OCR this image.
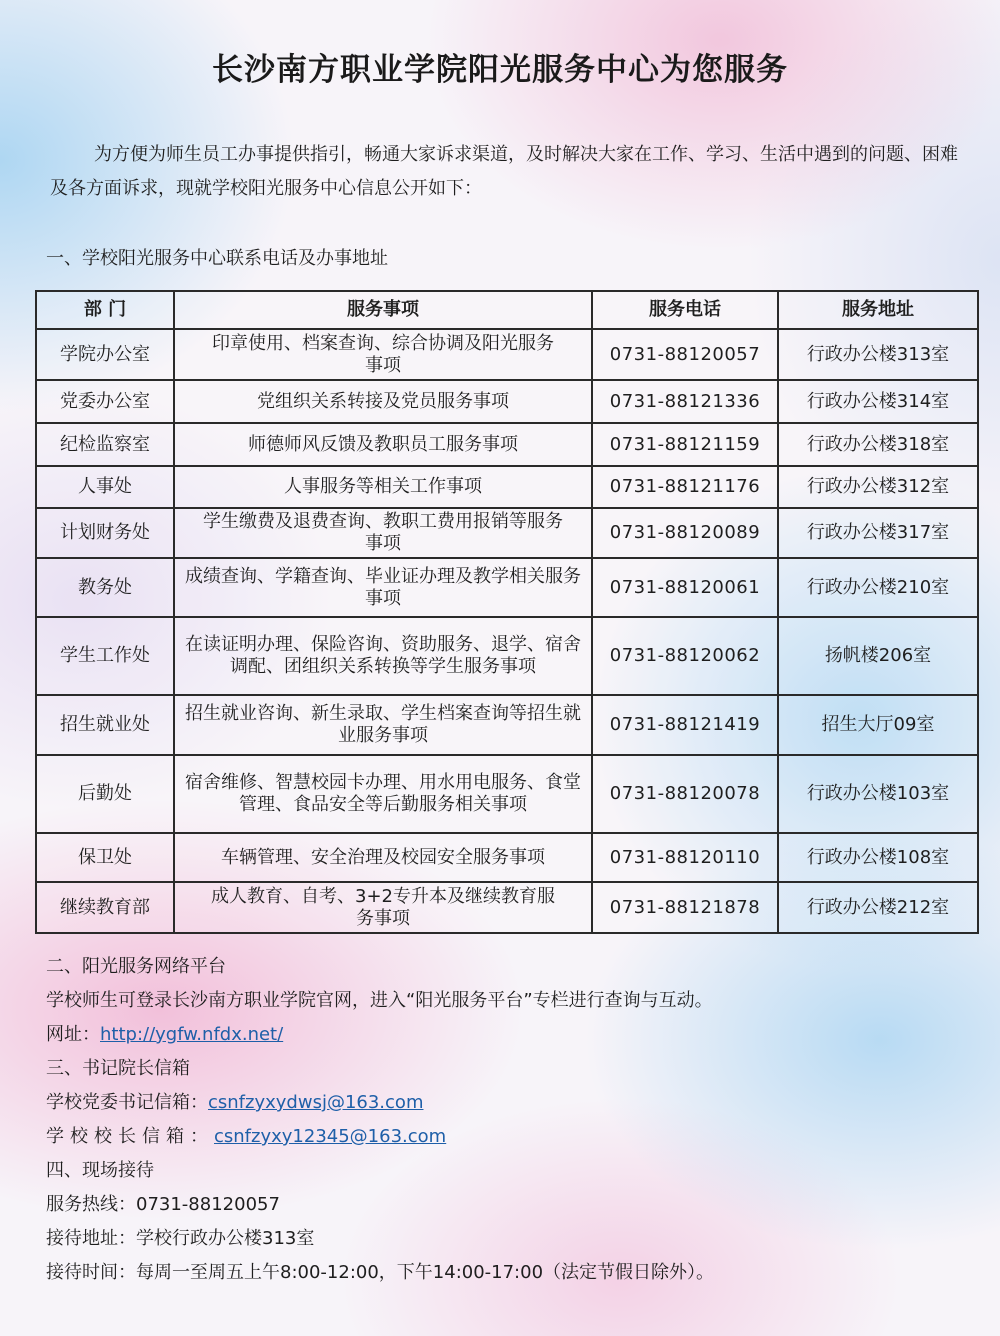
长沙南方职业学院阳光服务中心为您服务

为方便为师生员工办事提供指引，畅通大家诉求渠道，及时解决大家在工作、学习、生活中遇到的问题、困难及各方面诉求，现就学校阳光服务中心信息公开如下：

一、学校阳光服务中心联系电话及办事地址
部 门	服务事项	服务电话	服务地址
学院办公室	印章使用、档案查询、综合协调及阳光服务事项	0731-88120057	行政办公楼313室
党委办公室	党组织关系转接及党员服务事项	0731-88121336	行政办公楼314室
纪检监察室	师德师风反馈及教职员工服务事项	0731-88121159	行政办公楼318室
人事处	人事服务等相关工作事项	0731-88121176	行政办公楼312室
计划财务处	学生缴费及退费查询、教职工费用报销等服务事项	0731-88120089	行政办公楼317室
教务处	成绩查询、学籍查询、毕业证办理及教学相关服务事项	0731-88120061	行政办公楼210室
学生工作处	在读证明办理、保险咨询、资助服务、退学、宿舍调配、团组织关系转换等学生服务事项	0731-88120062	扬帆楼206室
招生就业处	招生就业咨询、新生录取、学生档案查询等招生就业服务事项	0731-88121419	招生大厅09室
后勤处	宿舍维修、智慧校园卡办理、用水用电服务、食堂管理、食品安全等后勤服务相关事项	0731-88120078	行政办公楼103室
保卫处	车辆管理、安全治理及校园安全服务事项	0731-88120110	行政办公楼108室
继续教育部	成人教育、自考、3+2专升本及继续教育服务事项	0731-88121878	行政办公楼212室
二、阳光服务网络平台
学校师生可登录长沙南方职业学院官网，进入“阳光服务平台”专栏进行查询与互动。
网址：http://ygfw.nfdx.net/
三、书记院长信箱
学校党委书记信箱：csnfzyxydwsj@163.com
学校校长信箱：csnfzyxy12345@163.com
四、现场接待
服务热线：0731-88120057
接待地址：学校行政办公楼313室
接待时间：每周一至周五上午8:00-12:00，下午14:00-17:00（法定节假日除外）。
